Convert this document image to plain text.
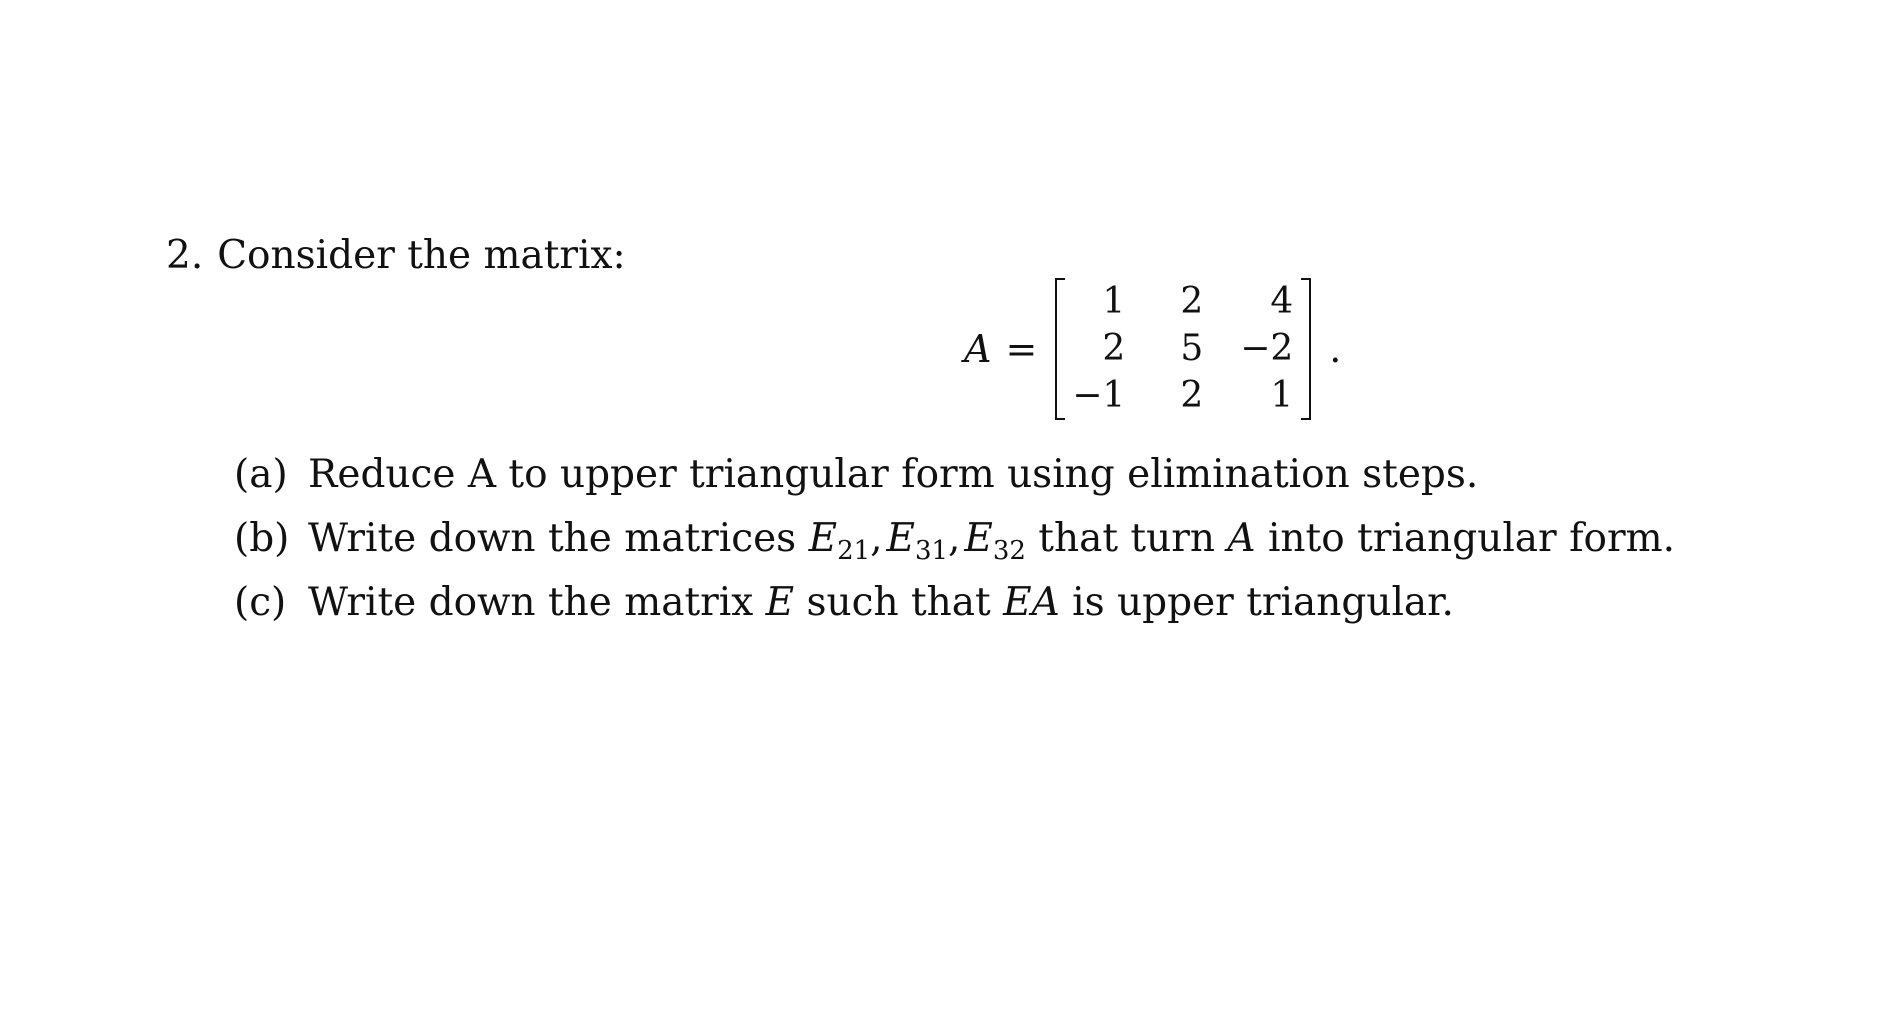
2. Consider the matrix:
A =
1	2	4
2	5	−2
−1	2	1
.
(a) Reduce A to upper triangular form using elimination steps.
(b) Write down the matrices $E_{21}$, $E_{31}$, $E_{32}$ that turn A into triangular form.
(c) Write down the matrix E such that EA is upper triangular.
